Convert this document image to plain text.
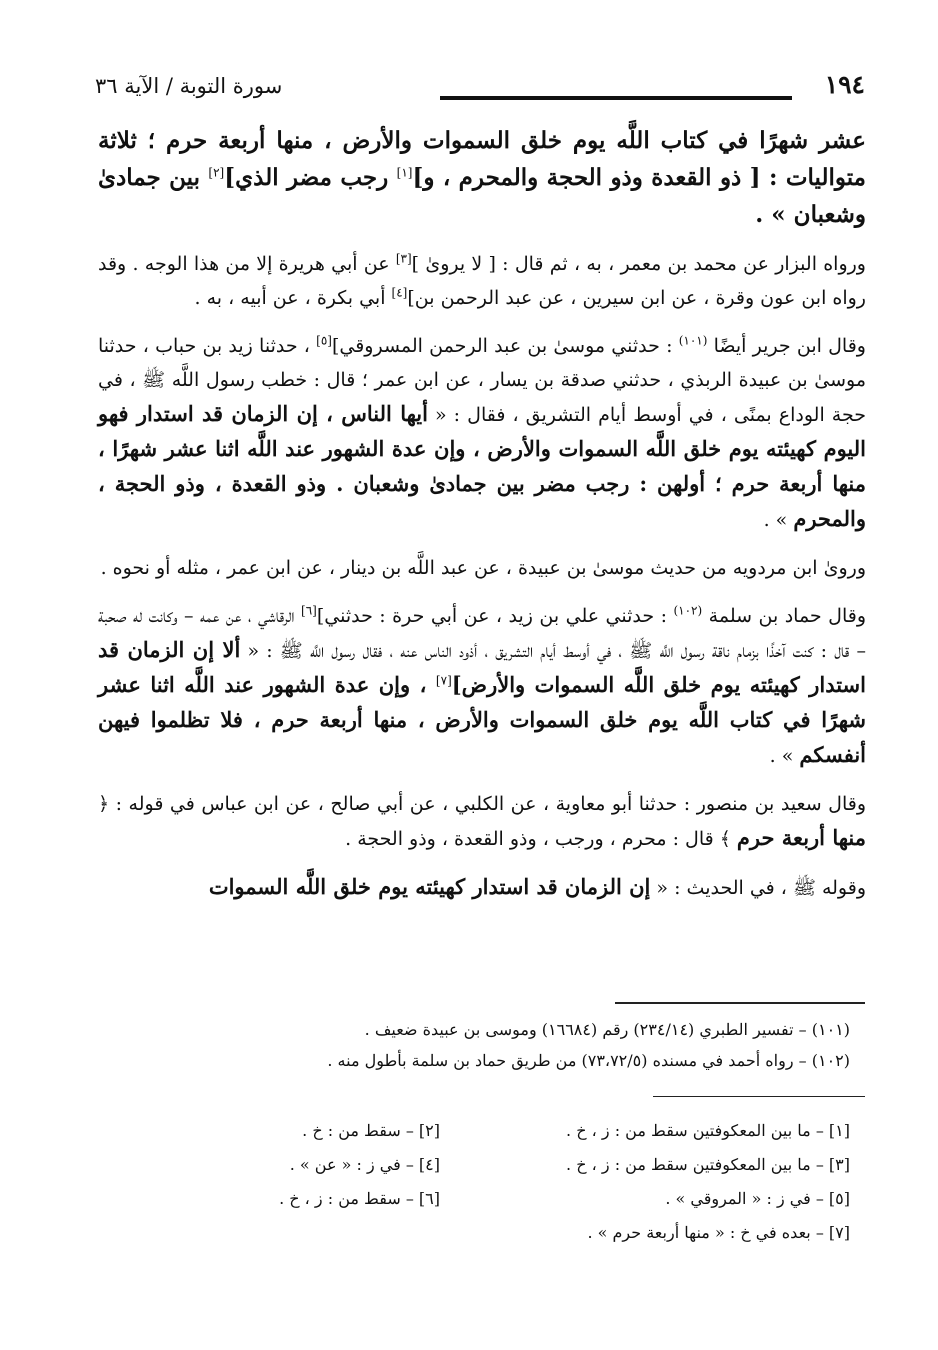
سورة التوبة / الآية ٣٦	١٩٤

عشر شهرًا في كتاب اللَّه يوم خلق السموات والأرض ، منها أربعة حرم ؛ ثلاثة متواليات : [ ذو القعدة وذو الحجة والمحرم ، و][١] رجب مضر الذي][٢] بين جمادىٰ وشعبان » .

ورواه البزار عن محمد بن معمر ، به ، ثم قال : [ لا يروىٰ ][٣] عن أبي هريرة إلا من هذا الوجه . وقد رواه ابن عون وقرة ، عن ابن سيرين ، عن عبد الرحمن بن][٤] أبي بكرة ، عن أبيه ، به .

وقال ابن جرير أيضًا $^{(١٠١)}$ : حدثني موسىٰ بن عبد الرحمن المسروقي][٥] ، حدثنا زيد بن حباب ، حدثنا موسىٰ بن عبيدة الربذي ، حدثني صدقة بن يسار ، عن ابن عمر ؛ قال : خطب رسول اللَّه ﷺ ، في حجة الوداع بمنًى ، في أوسط أيام التشريق ، فقال : « أيها الناس ، إن الزمان قد استدار فهو اليوم كهيئته يوم خلق اللَّه السموات والأرض ، وإن عدة الشهور عند اللَّه اثنا عشر شهرًا ، منها أربعة حرم ؛ أولهن : رجب مضر بين جمادىٰ وشعبان . وذو القعدة ، وذو الحجة ، والمحرم » .

وروىٰ ابن مردويه من حديث موسىٰ بن عبيدة ، عن عبد اللَّه بن دينار ، عن ابن عمر ، مثله أو نحوه .

وقال حماد بن سلمة $^{(١٠٢)}$ : حدثني علي بن زيد ، عن أبي حرة : حدثني][٦] الرقاشي ، عن عمه – وكانت له صحبة – قال : كنت آخذًا بزمام ناقة رسول اللَّه ﷺ ، في أوسط أيام التشريق ، أذود الناس عنه ، فقال رسول اللَّه ﷺ : « ألا إن الزمان قد استدار كهيئته يوم خلق اللَّه السموات والأرض][٧] ، وإن عدة الشهور عند اللَّه اثنا عشر شهرًا في كتاب اللَّه يوم خلق السموات والأرض ، منها أربعة حرم ، فلا تظلموا فيهن أنفسكم » .

وقال سعيد بن منصور : حدثنا أبو معاوية ، عن الكلبي ، عن أبي صالح ، عن ابن عباس في قوله : ﴿ منها أربعة حرم ﴾ قال : محرم ، ورجب ، وذو القعدة ، وذو الحجة .

وقوله ﷺ ، في الحديث : « إن الزمان قد استدار كهيئته يوم خلق اللَّه السموات

(١٠١) – تفسير الطبري (٢٣٤/١٤) رقم (١٦٦٨٤) وموسى بن عبيدة ضعيف .
(١٠٢) – رواه أحمد في مسنده (٧٣،٧٢/٥) من طريق حماد بن سلمة بأطول منه .
[١] – ما بين المعكوفتين سقط من : ز ، خ .
[٢] – سقط من : خ .
[٣] – ما بين المعكوفتين سقط من : ز ، خ .
[٤] – في ز : « عن » .
[٥] – في ز : « المروقي » .
[٦] – سقط من : ز ، خ .
[٧] – بعده في خ : « منها أربعة حرم » .
